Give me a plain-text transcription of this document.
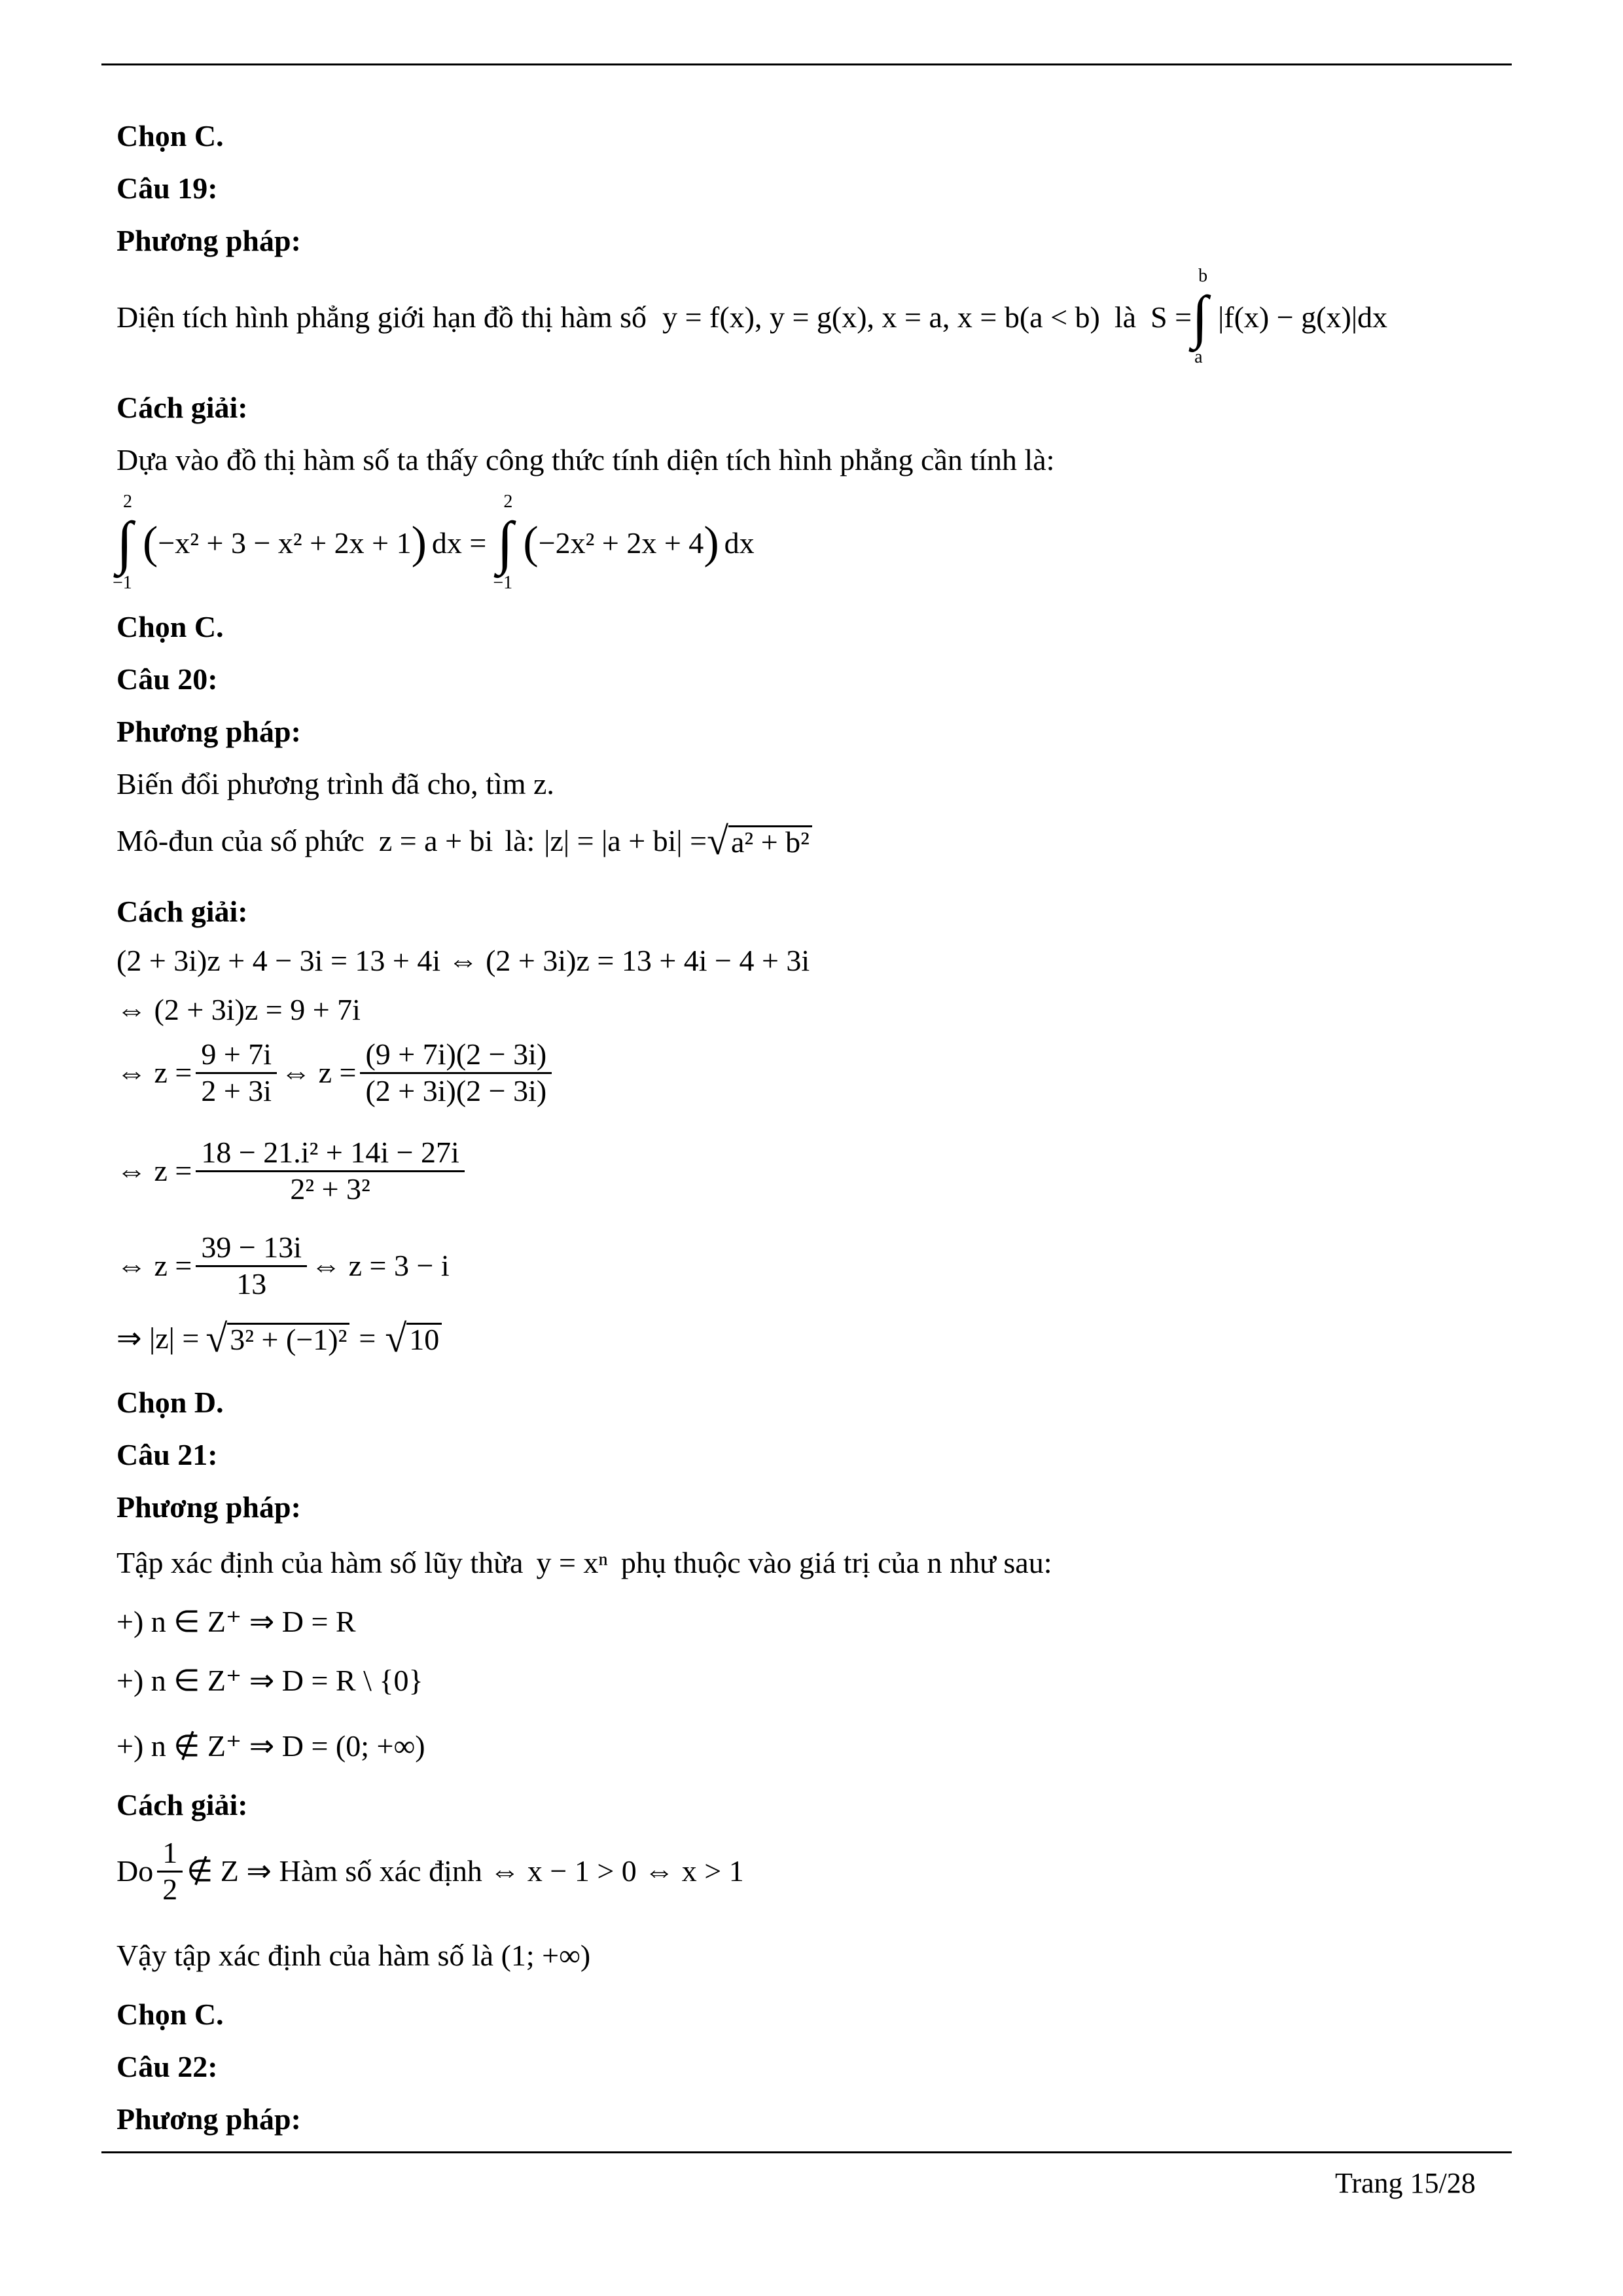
Chọn C.
Câu 19:
Phương pháp:
Diện tích hình phẳng giới hạn đồ thị hàm số y = f(x), y = g(x), x = a, x = b(a < b) là S = ∫
b
a
|f(x) − g(x)|dx
Cách giải:
Dựa vào đồ thị hàm số ta thấy công thức tính diện tích hình phẳng cần tính là:
∫
2
−1
( −x² + 3 − x² + 2x + 1 ) dx = ∫
2
−1
( −2x² + 2x + 4 ) dx
Chọn C.
Câu 20:
Phương pháp:
Biến đổi phương trình đã cho, tìm z.
Mô-đun của số phức z = a + bi là: |z| = |a + bi| = √ a² + b²
Cách giải:
(2 + 3i)z + 4 − 3i = 13 + 4i ⇔ (2 + 3i)z = 13 + 4i − 4 + 3i
⇔ (2 + 3i)z = 9 + 7i
⇔ $z = \frac{9 + 7i}{2 + 3i}$ ⇔ $z = \frac{(9 + 7i)(2 - 3i)}{(2 + 3i)(2 - 3i)}$
⇔ $z = \frac{\text{18 − 21.i² + 14i − 27i}}{\text{2² + 3²}}$
⇔ $z = \frac{39 - 13i}{13}$ ⇔ z = 3 − i
⇒ |z| = √ 3² + (−1)² = √ 10
Chọn D.
Câu 21:
Phương pháp:
Tập xác định của hàm số lũy thừa y = xⁿ phụ thuộc vào giá trị của n như sau:
+) n ∈ Z⁺ ⇒ D = R
+) n ∈ Z⁺ ⇒ D = R \ {0}
+) n ∉ Z⁺ ⇒ D = (0; +∞)
Cách giải:
Do $\frac{1}{2}$ ∉ Z ⇒ Hàm số xác định ⇔ x − 1 > 0 ⇔ x > 1
Vậy tập xác định của hàm số là (1; +∞)
Chọn C.
Câu 22:
Phương pháp:
Trang 15/28
